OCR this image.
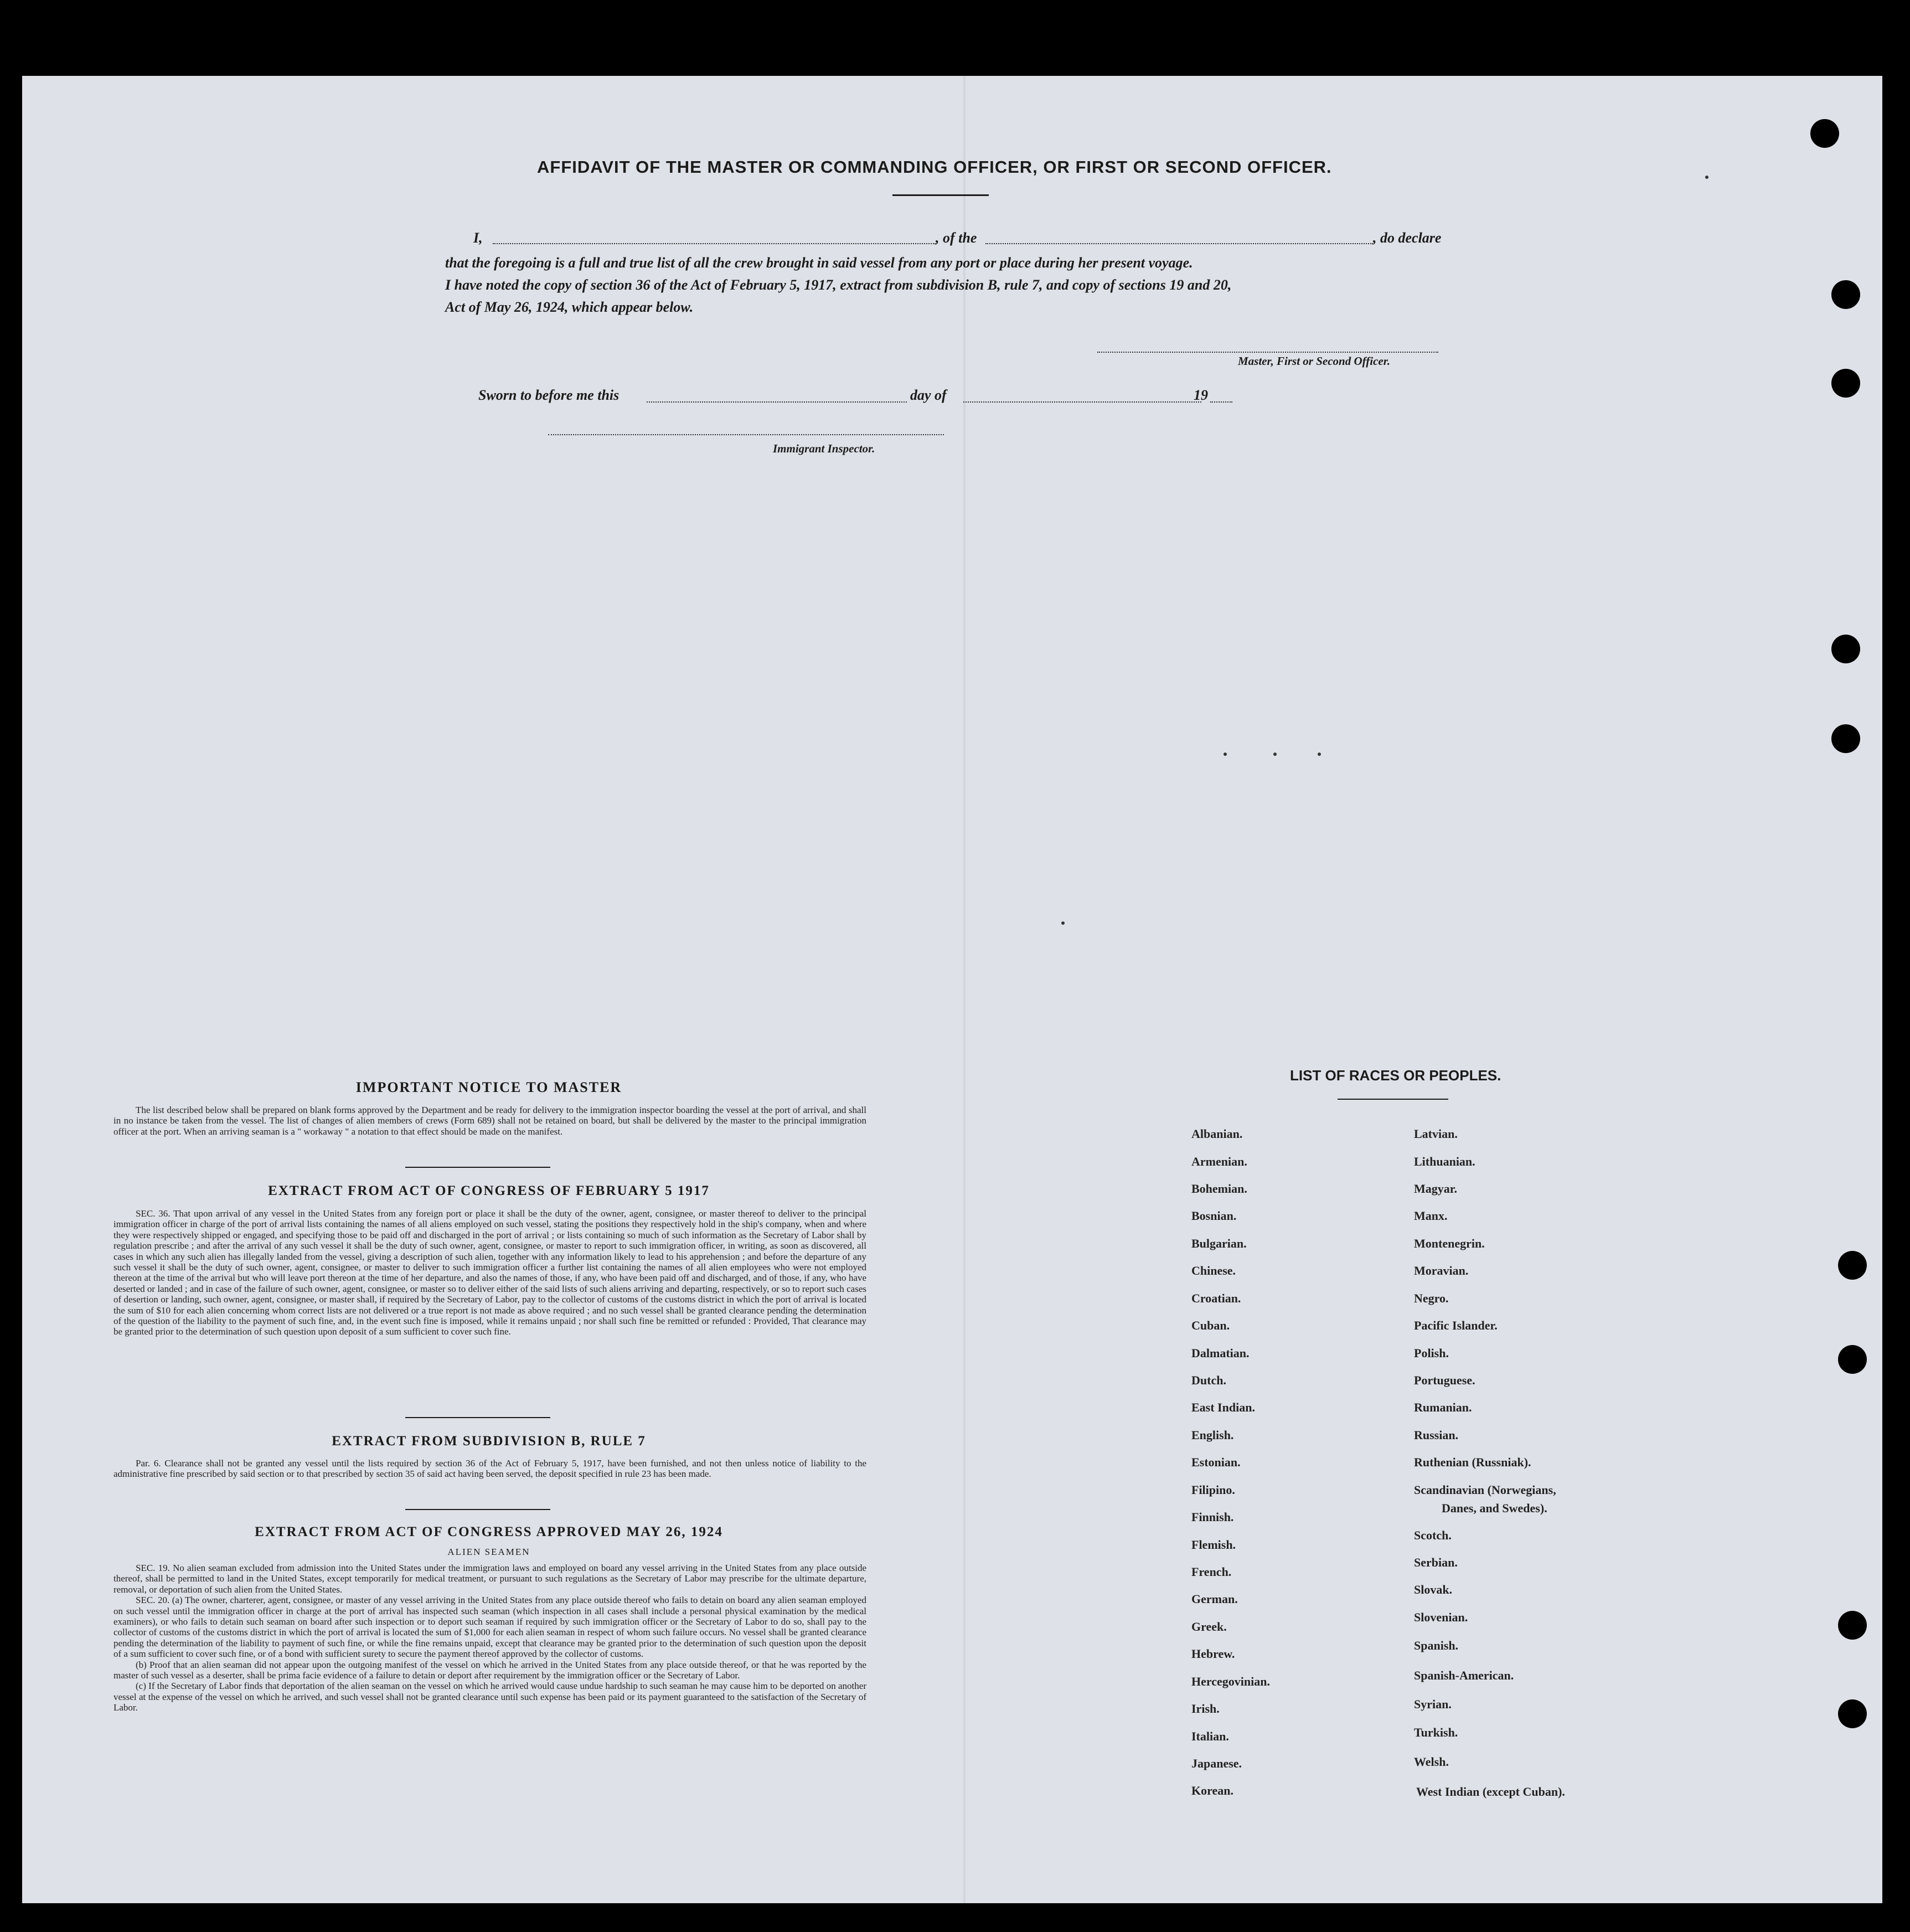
AFFIDAVIT OF THE MASTER OR COMMANDING OFFICER, OR FIRST OR SECOND OFFICER.
I,	, of the	, do declare
that the foregoing is a full and true list of all the crew brought in said vessel from any port or place during her present voyage.
I have noted the copy of section 36 of the Act of February 5, 1917, extract from subdivision B, rule 7, and copy of sections 19 and 20,
Act of May 26, 1924, which appear below.
Master, First or Second Officer.
Sworn to before me this	day of	19
Immigrant Inspector.
IMPORTANT NOTICE TO MASTER

The list described below shall be prepared on blank forms approved by the Department and be ready for delivery to the immigration inspector boarding the vessel at the port of arrival, and shall in no instance be taken from the vessel. The list of changes of alien members of crews (Form 689) shall not be retained on board, but shall be delivered by the master to the principal immigration officer at the port. When an arriving seaman is a " workaway " a notation to that effect should be made on the manifest.

EXTRACT FROM ACT OF CONGRESS OF FEBRUARY 5 1917

SEC. 36. That upon arrival of any vessel in the United States from any foreign port or place it shall be the duty of the owner, agent, consignee, or master thereof to deliver to the principal immigration officer in charge of the port of arrival lists containing the names of all aliens employed on such vessel, stating the positions they respectively hold in the ship's company, when and where they were respectively shipped or engaged, and specifying those to be paid off and discharged in the port of arrival ; or lists containing so much of such information as the Secretary of Labor shall by regulation prescribe ; and after the arrival of any such vessel it shall be the duty of such owner, agent, consignee, or master to report to such immigration officer, in writing, as soon as discovered, all cases in which any such alien has illegally landed from the vessel, giving a description of such alien, together with any information likely to lead to his apprehension ; and before the departure of any such vessel it shall be the duty of such owner, agent, consignee, or master to deliver to such immigration officer a further list containing the names of all alien employees who were not employed thereon at the time of the arrival but who will leave port thereon at the time of her departure, and also the names of those, if any, who have been paid off and discharged, and of those, if any, who have deserted or landed ; and in case of the failure of such owner, agent, consignee, or master so to deliver either of the said lists of such aliens arriving and departing, respectively, or so to report such cases of desertion or landing, such owner, agent, consignee, or master shall, if required by the Secretary of Labor, pay to the collector of customs of the customs district in which the port of arrival is located the sum of $10 for each alien concerning whom correct lists are not delivered or a true report is not made as above required ; and no such vessel shall be granted clearance pending the determination of the question of the liability to the payment of such fine, and, in the event such fine is imposed, while it remains unpaid ; nor shall such fine be remitted or refunded : Provided, That clearance may be granted prior to the determination of such question upon deposit of a sum sufficient to cover such fine.

EXTRACT FROM SUBDIVISION B, RULE 7

Par. 6. Clearance shall not be granted any vessel until the lists required by section 36 of the Act of February 5, 1917, have been furnished, and not then unless notice of liability to the administrative fine prescribed by said section or to that prescribed by section 35 of said act having been served, the deposit specified in rule 23 has been made.

EXTRACT FROM ACT OF CONGRESS APPROVED MAY 26, 1924
ALIEN SEAMEN

SEC. 19. No alien seaman excluded from admission into the United States under the immigration laws and employed on board any vessel arriving in the United States from any place outside thereof, shall be permitted to land in the United States, except temporarily for medical treatment, or pursuant to such regulations as the Secretary of Labor may prescribe for the ultimate departure, removal, or deportation of such alien from the United States.

SEC. 20. (a) The owner, charterer, agent, consignee, or master of any vessel arriving in the United States from any place outside thereof who fails to detain on board any alien seaman employed on such vessel until the immigration officer in charge at the port of arrival has inspected such seaman (which inspection in all cases shall include a personal physical examination by the medical examiners), or who fails to detain such seaman on board after such inspection or to deport such seaman if required by such immigration officer or the Secretary of Labor to do so, shall pay to the collector of customs of the customs district in which the port of arrival is located the sum of $1,000 for each alien seaman in respect of whom such failure occurs. No vessel shall be granted clearance pending the determination of the liability to payment of such fine, or while the fine remains unpaid, except that clearance may be granted prior to the determination of such question upon the deposit of a sum sufficient to cover such fine, or of a bond with sufficient surety to secure the payment thereof approved by the collector of customs.

(b) Proof that an alien seaman did not appear upon the outgoing manifest of the vessel on which he arrived in the United States from any place outside thereof, or that he was reported by the master of such vessel as a deserter, shall be prima facie evidence of a failure to detain or deport after requirement by the immigration officer or the Secretary of Labor.

(c) If the Secretary of Labor finds that deportation of the alien seaman on the vessel on which he arrived would cause undue hardship to such seaman he may cause him to be deported on another vessel at the expense of the vessel on which he arrived, and such vessel shall not be granted clearance until such expense has been paid or its payment guaranteed to the satisfaction of the Secretary of Labor.

LIST OF RACES OR PEOPLES.
Albanian.
Armenian.
Bohemian.
Bosnian.
Bulgarian.
Chinese.
Croatian.
Cuban.
Dalmatian.
Dutch.
East Indian.
English.
Estonian.
Filipino.
Finnish.
Flemish.
French.
German.
Greek.
Hebrew.
Hercegovinian.
Irish.
Italian.
Japanese.
Korean.
Latvian.
Lithuanian.
Magyar.
Manx.
Montenegrin.
Moravian.
Negro.
Pacific Islander.
Polish.
Portuguese.
Rumanian.
Russian.
Ruthenian (Russniak).
Scandinavian (Norwegians,
Danes, and Swedes).
Scotch.
Serbian.
Slovak.
Slovenian.
Spanish.
Spanish-American.
Syrian.
Turkish.
Welsh.
West Indian (except Cuban).
